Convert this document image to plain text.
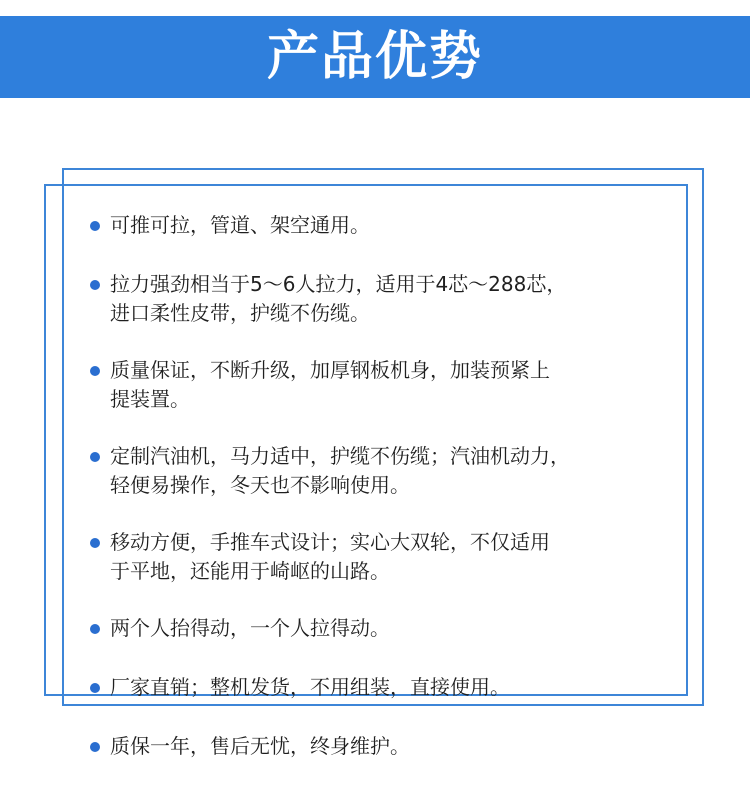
产品优势
可推可拉，管道、架空通用。
拉力强劲相当于5～6人拉力，适用于4芯～288芯，
进口柔性皮带，护缆不伤缆。
质量保证，不断升级，加厚钢板机身，加装预紧上
提装置。
定制汽油机，马力适中，护缆不伤缆；汽油机动力，
轻便易操作，冬天也不影响使用。
移动方便，手推车式设计；实心大双轮，不仅适用
于平地，还能用于崎岖的山路。
两个人抬得动，一个人拉得动。
厂家直销；整机发货，不用组装，直接使用。
质保一年，售后无忧，终身维护。
